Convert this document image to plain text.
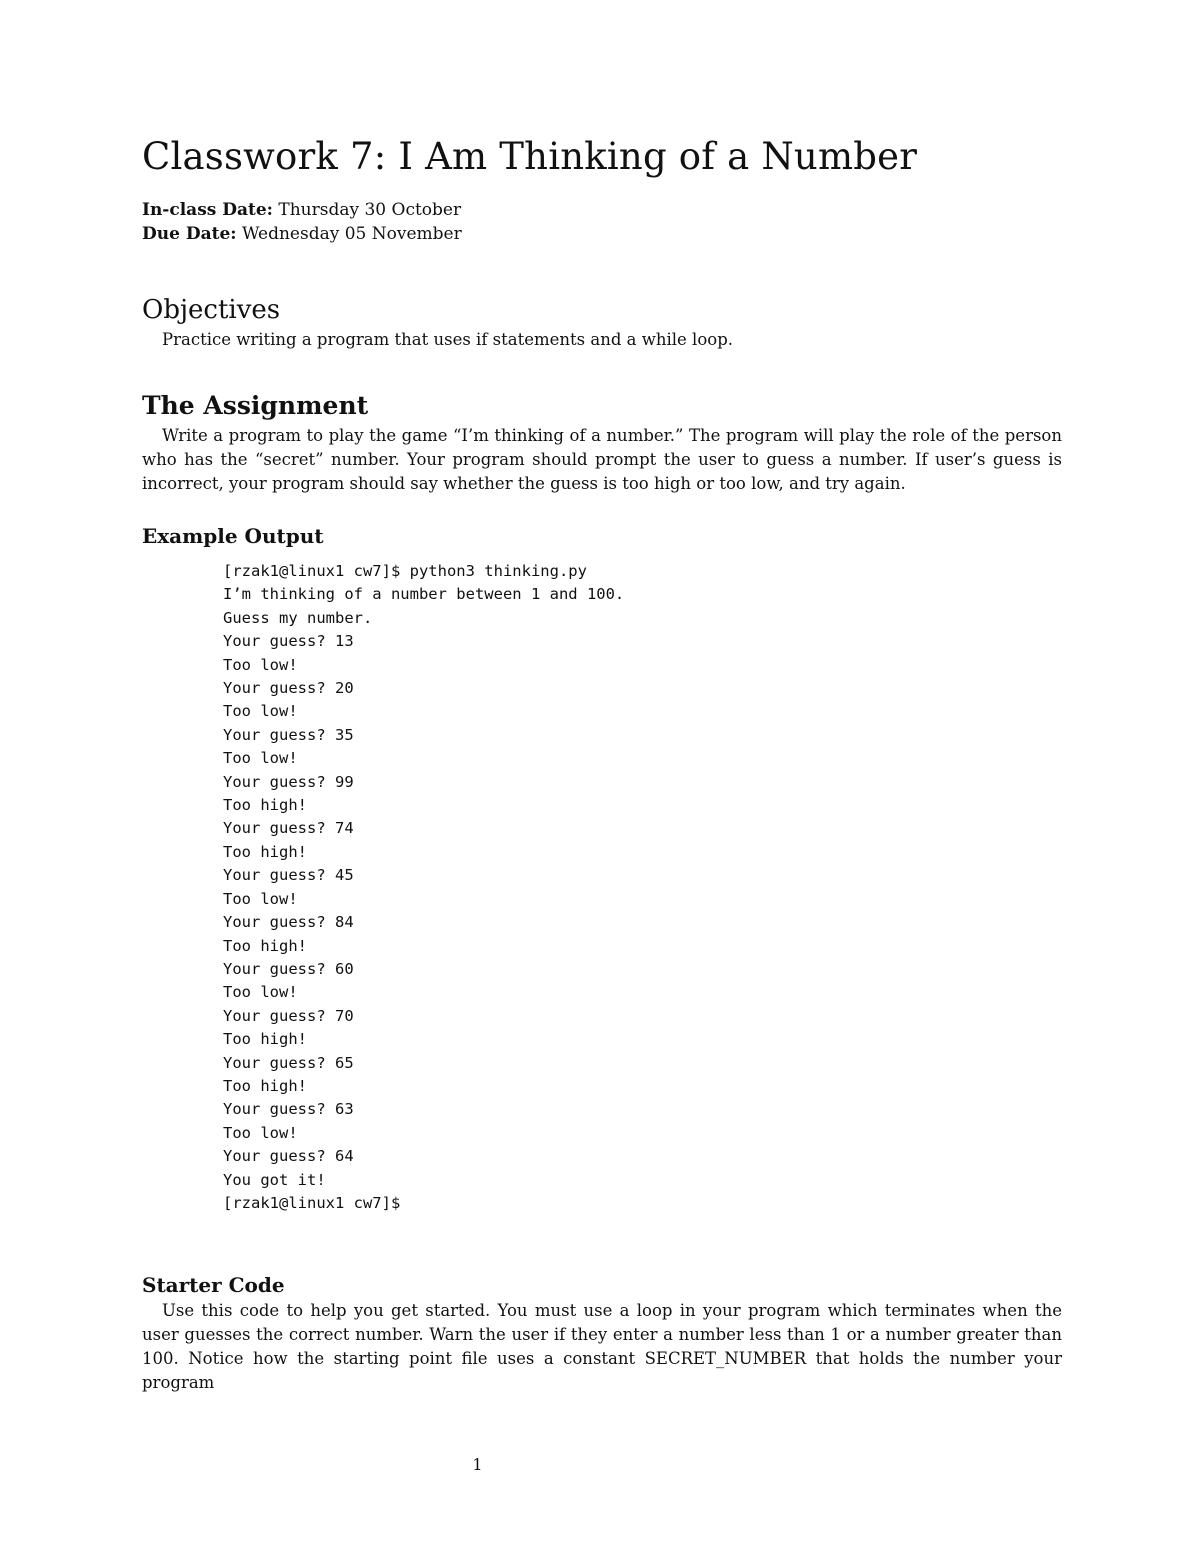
Classwork 7: I Am Thinking of a Number
In-class Date: Thursday 30 October
Due Date: Wednesday 05 November
Objectives

Practice writing a program that uses if statements and a while loop.

The Assignment

Write a program to play the game “I’m thinking of a number.” The program will play the role of the person who has the “secret” number. Your program should prompt the user to guess a number. If user’s guess is incorrect, your program should say whether the guess is too high or too low, and try again.

Example Output
[rzak1@linux1 cw7]$ python3 thinking.py
I’m thinking of a number between 1 and 100.
Guess my number.
Your guess? 13
Too low!
Your guess? 20
Too low!
Your guess? 35
Too low!
Your guess? 99
Too high!
Your guess? 74
Too high!
Your guess? 45
Too low!
Your guess? 84
Too high!
Your guess? 60
Too low!
Your guess? 70
Too high!
Your guess? 65
Too high!
Your guess? 63
Too low!
Your guess? 64
You got it!
[rzak1@linux1 cw7]$
Starter Code

Use this code to help you get started. You must use a loop in your program which terminates when the user guesses the correct number. Warn the user if they enter a number less than 1 or a number greater than 100. Notice how the starting point file uses a constant SECRET_NUMBER that holds the number your program

1
